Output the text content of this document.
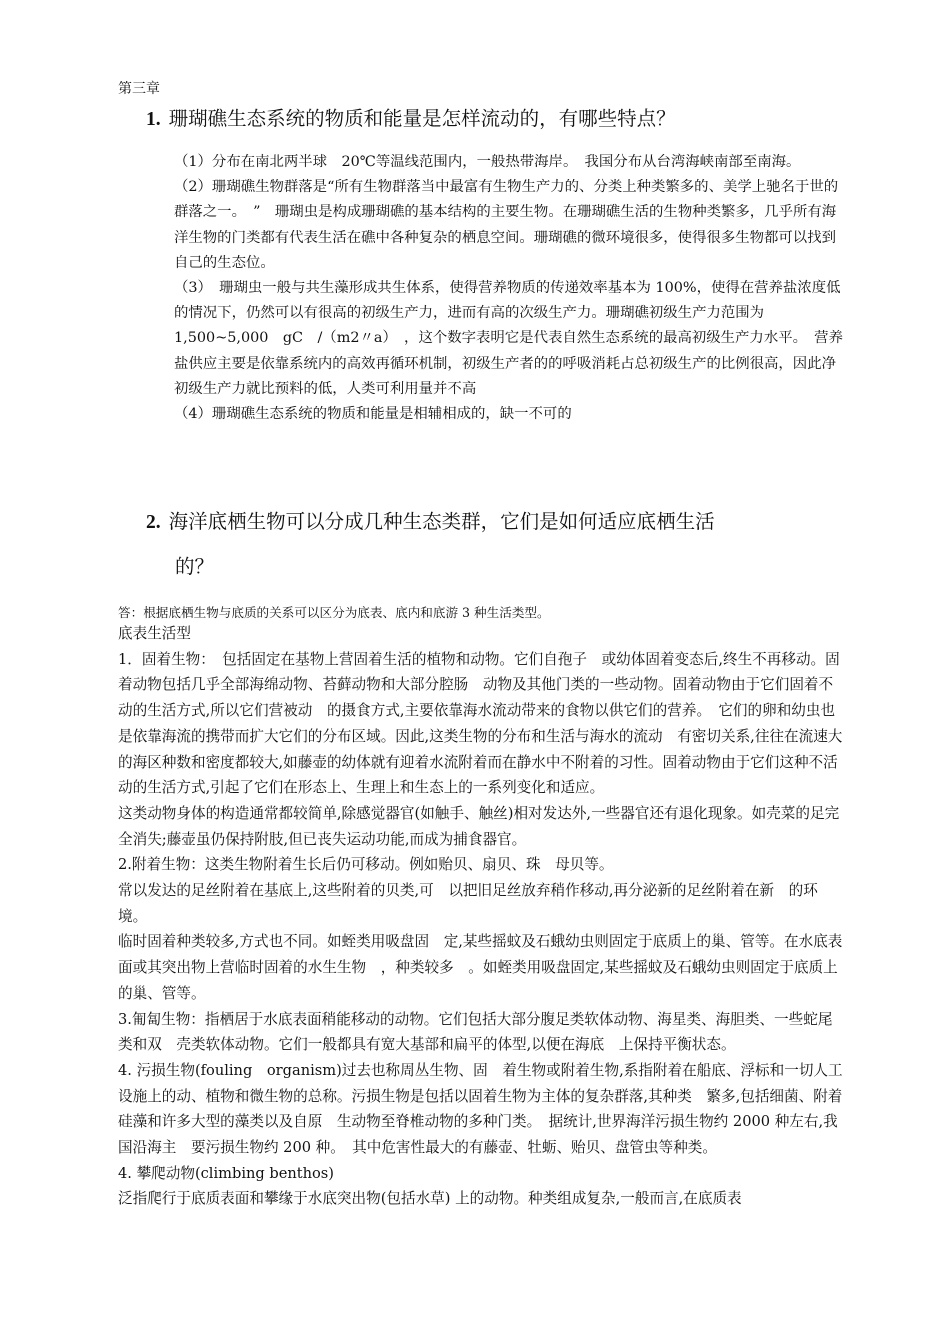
第三章
1. 珊瑚礁生态系统的物质和能量是怎样流动的，有哪些特点？

（1）分布在南北两半球　20℃等温线范围内，一般热带海岸。　我国分布从台湾海峡南部至南海。

（2）珊瑚礁生物群落是“所有生物群落当中最富有生物生产力的、分类上种类繁多的、美学上驰名于世的群落之一。　”　珊瑚虫是构成珊瑚礁的基本结构的主要生物。在珊瑚礁生活的生物种类繁多，几乎所有海洋生物的门类都有代表生活在礁中各种复杂的栖息空间。珊瑚礁的微环境很多，使得很多生物都可以找到自己的生态位。

（3）　珊瑚虫一般与共生藻形成共生体系，使得营养物质的传递效率基本为 100%，使得在营养盐浓度低的情况下，仍然可以有很高的初级生产力，进而有高的次级生产力。珊瑚礁初级生产力范围为　1,500~5,000　gC　/（m2〃a）　，这个数字表明它是代表自然生态系统的最高初级生产力水平。　营养盐供应主要是依靠系统内的高效再循环机制，初级生产者的的呼吸消耗占总初级生产的比例很高，因此净初级生产力就比预料的低，人类可利用量并不高

（4）珊瑚礁生态系统的物质和能量是相辅相成的，缺一不可的

2. 海洋底栖生物可以分成几种生态类群，它们是如何适应底栖生活
的？
答：根据底栖生物与底质的关系可以区分为底表、底内和底游 3 种生活类型。

底表生活型

1．固着生物：　包括固定在基物上营固着生活的植物和动物。它们自孢子　或幼体固着变态后,终生不再移动。固着动物包括几乎全部海绵动物、苔藓动物和大部分腔肠　动物及其他门类的一些动物。固着动物由于它们固着不动的生活方式,所以它们营被动　的摄食方式,主要依靠海水流动带来的食物以供它们的营养。　它们的卵和幼虫也是依靠海流的携带而扩大它们的分布区域。因此,这类生物的分布和生活与海水的流动　有密切关系,往往在流速大的海区种数和密度都较大,如藤壶的幼体就有迎着水流附着而在静水中不附着的习性。固着动物由于它们这种不活动的生活方式,引起了它们在形态上、生理上和生态上的一系列变化和适应。

这类动物身体的构造通常都较简单,除感觉器官(如触手、触丝)相对发达外,一些器官还有退化现象。如壳菜的足完全消失;藤壶虽仍保持附肢,但已丧失运动功能,而成为捕食器官。

2.附着生物：这类生物附着生长后仍可移动。例如贻贝、扇贝、珠　母贝等。

常以发达的足丝附着在基底上,这些附着的贝类,可　以把旧足丝放弃稍作移动,再分泌新的足丝附着在新　的环境。

临时固着种类较多,方式也不同。如蛭类用吸盘固　定,某些摇蚊及石蛾幼虫则固定于底质上的巢、管等。在水底表面或其突出物上营临时固着的水生生物　，种类较多　。如蛭类用吸盘固定,某些摇蚊及石蛾幼虫则固定于底质上的巢、管等。

3.匍匐生物：指栖居于水底表面稍能移动的动物。它们包括大部分腹足类软体动物、海星类、海胆类、一些蛇尾类和双　壳类软体动物。它们一般都具有宽大基部和扁平的体型,以便在海底　上保持平衡状态。

4. 污损生物(fouling　organism)过去也称周丛生物、固　着生物或附着生物,系指附着在船底、浮标和一切人工　设施上的动、植物和微生物的总称。污损生物是包括以固着生物为主体的复杂群落,其种类　繁多,包括细菌、附着硅藻和许多大型的藻类以及自原　生动物至脊椎动物的多种门类。　据统计,世界海洋污损生物约 2000 种左右,我国沿海主　要污损生物约 200 种。　其中危害性最大的有藤壶、牡蛎、贻贝、盘管虫等种类。

4. 攀爬动物(climbing benthos)

泛指爬行于底质表面和攀缘于水底突出物(包括水草) 上的动物。种类组成复杂,一般而言,在底质表
